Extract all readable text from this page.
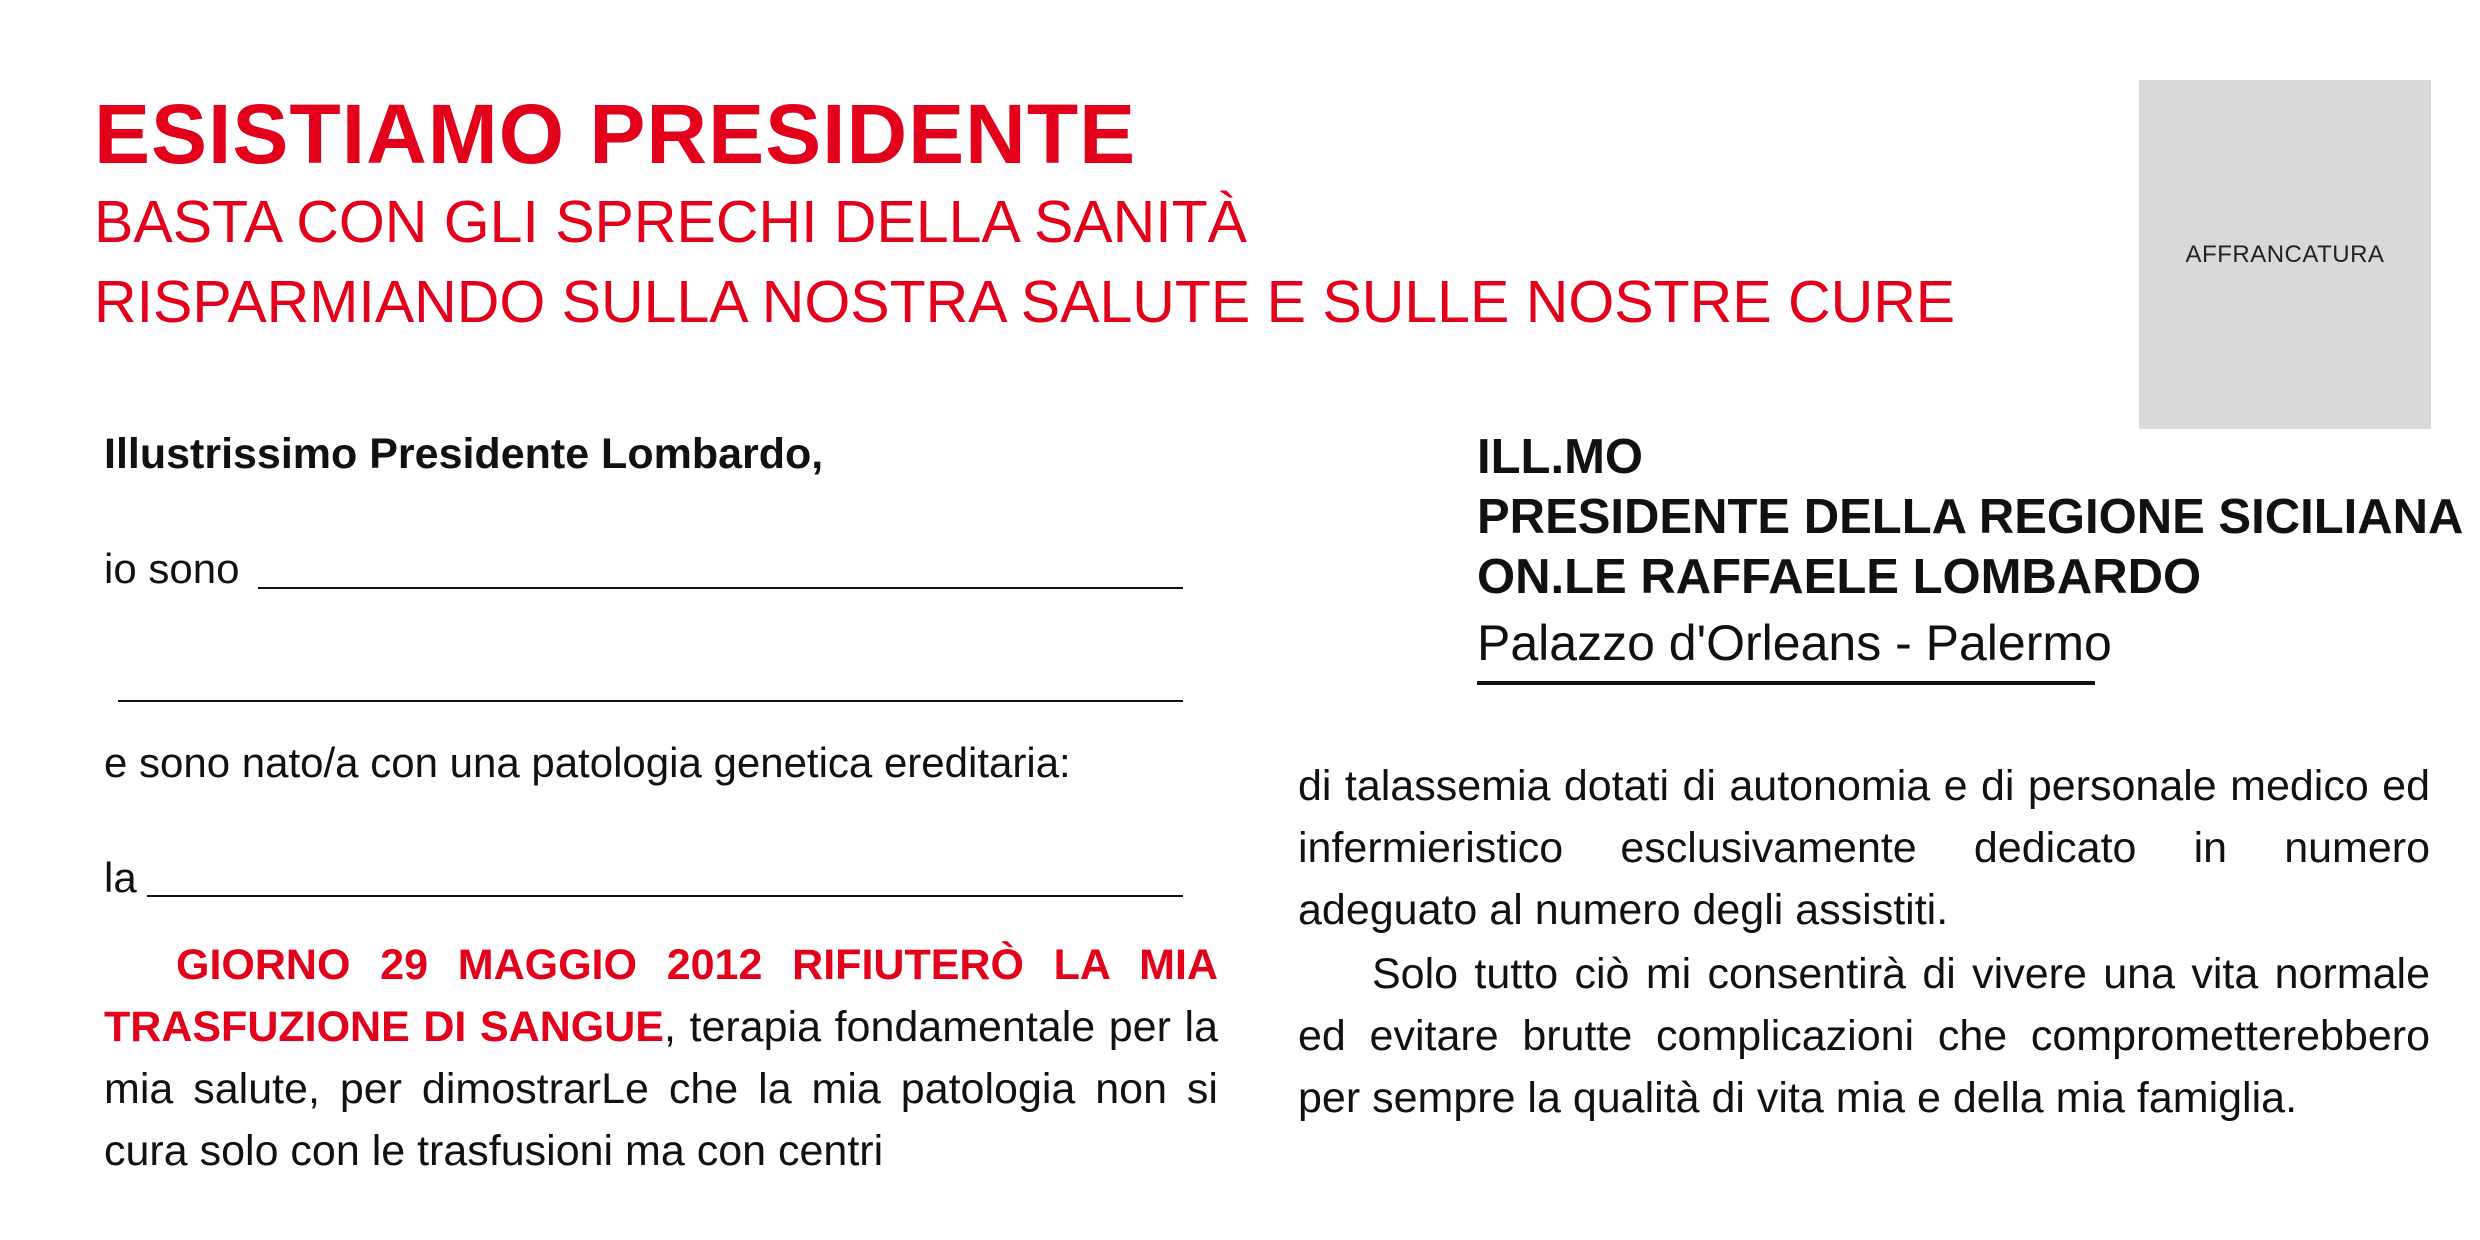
ESISTIAMO PRESIDENTE
BASTA CON GLI SPRECHI DELLA SANITÀ
RISPARMIANDO SULLA NOSTRA SALUTE E SULLE NOSTRE CURE
AFFRANCATURA
Illustrissimo Presidente Lombardo,
io sono
e sono nato/a con una patologia genetica ereditaria:
la
GIORNO 29 MAGGIO 2012 RIFIUTERÒ LA MIA TRASFUZIONE DI SANGUE, terapia fondamentale per la mia salute, per dimostrarLe che la mia patologia non si cura solo con le trasfusioni ma con centri
ILL.MO
PRESIDENTE DELLA REGIONE SICILIANA
ON.LE RAFFAELE LOMBARDO
Palazzo d'Orleans - Palermo
di talassemia dotati di autonomia e di personale medico ed infermieristico esclusivamente dedicato in numero adeguato al numero degli assistiti.
Solo tutto ciò mi consentirà di vivere una vita normale ed evitare brutte complicazioni che comprometterebbero per sempre la qualità di vita mia e della mia famiglia.
